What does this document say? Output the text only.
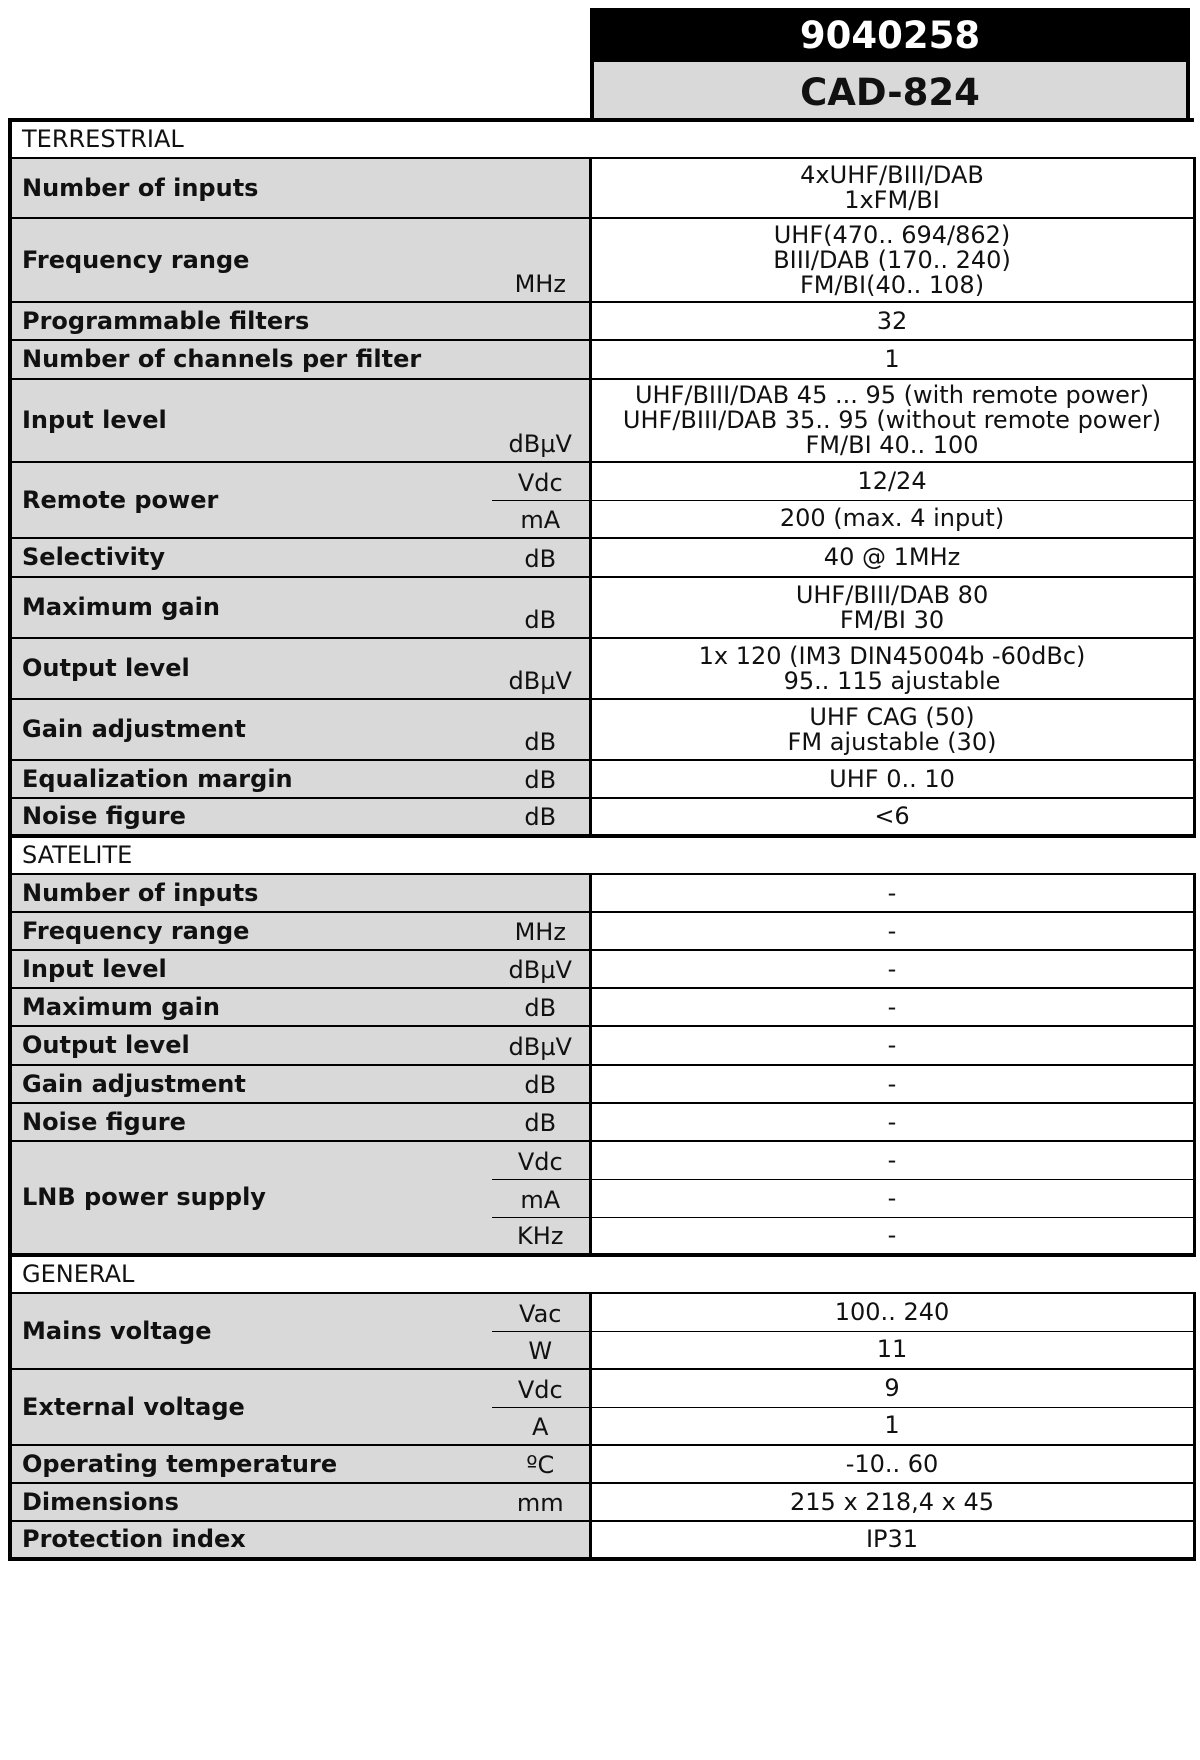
9040258
CAD-824
TERRESTRIAL		
Number of inputs		4xUHF/BIII/DAB
1xFM/BI

Frequency range	MHz	UHF(470.. 694/862)
BIII/DAB (170.. 240)
FM/BI(40.. 108)

Programmable filters		32

Number of channels per filter		1

Input level	dBµV	UHF/BIII/DAB 45 ... 95 (with remote power)
UHF/BIII/DAB 35.. 95 (without remote power)
FM/BI 40.. 100

Remote power	Vdc	12/24

	mA	200 (max. 4 input)

Selectivity	dB	40 @ 1MHz

Maximum gain	dB	UHF/BIII/DAB 80
FM/BI 30

Output level	dBµV	1x 120 (IM3 DIN45004b -60dBc)
95.. 115 ajustable

Gain adjustment	dB	UHF CAG (50)
FM ajustable (30)

Equalization margin	dB	UHF 0.. 10

Noise figure	dB	<6

SATELITE		
Number of inputs		-

Frequency range	MHz	-

Input level	dBµV	-

Maximum gain	dB	-

Output level	dBµV	-

Gain adjustment	dB	-

Noise figure	dB	-

LNB power supply	Vdc	-

	mA	-

	KHz	-

GENERAL		
Mains voltage	Vac	100.. 240

	W	11

External voltage	Vdc	9

	A	1

Operating temperature	ºC	-10.. 60

Dimensions	mm	215 x 218,4 x 45

Protection index		IP31
